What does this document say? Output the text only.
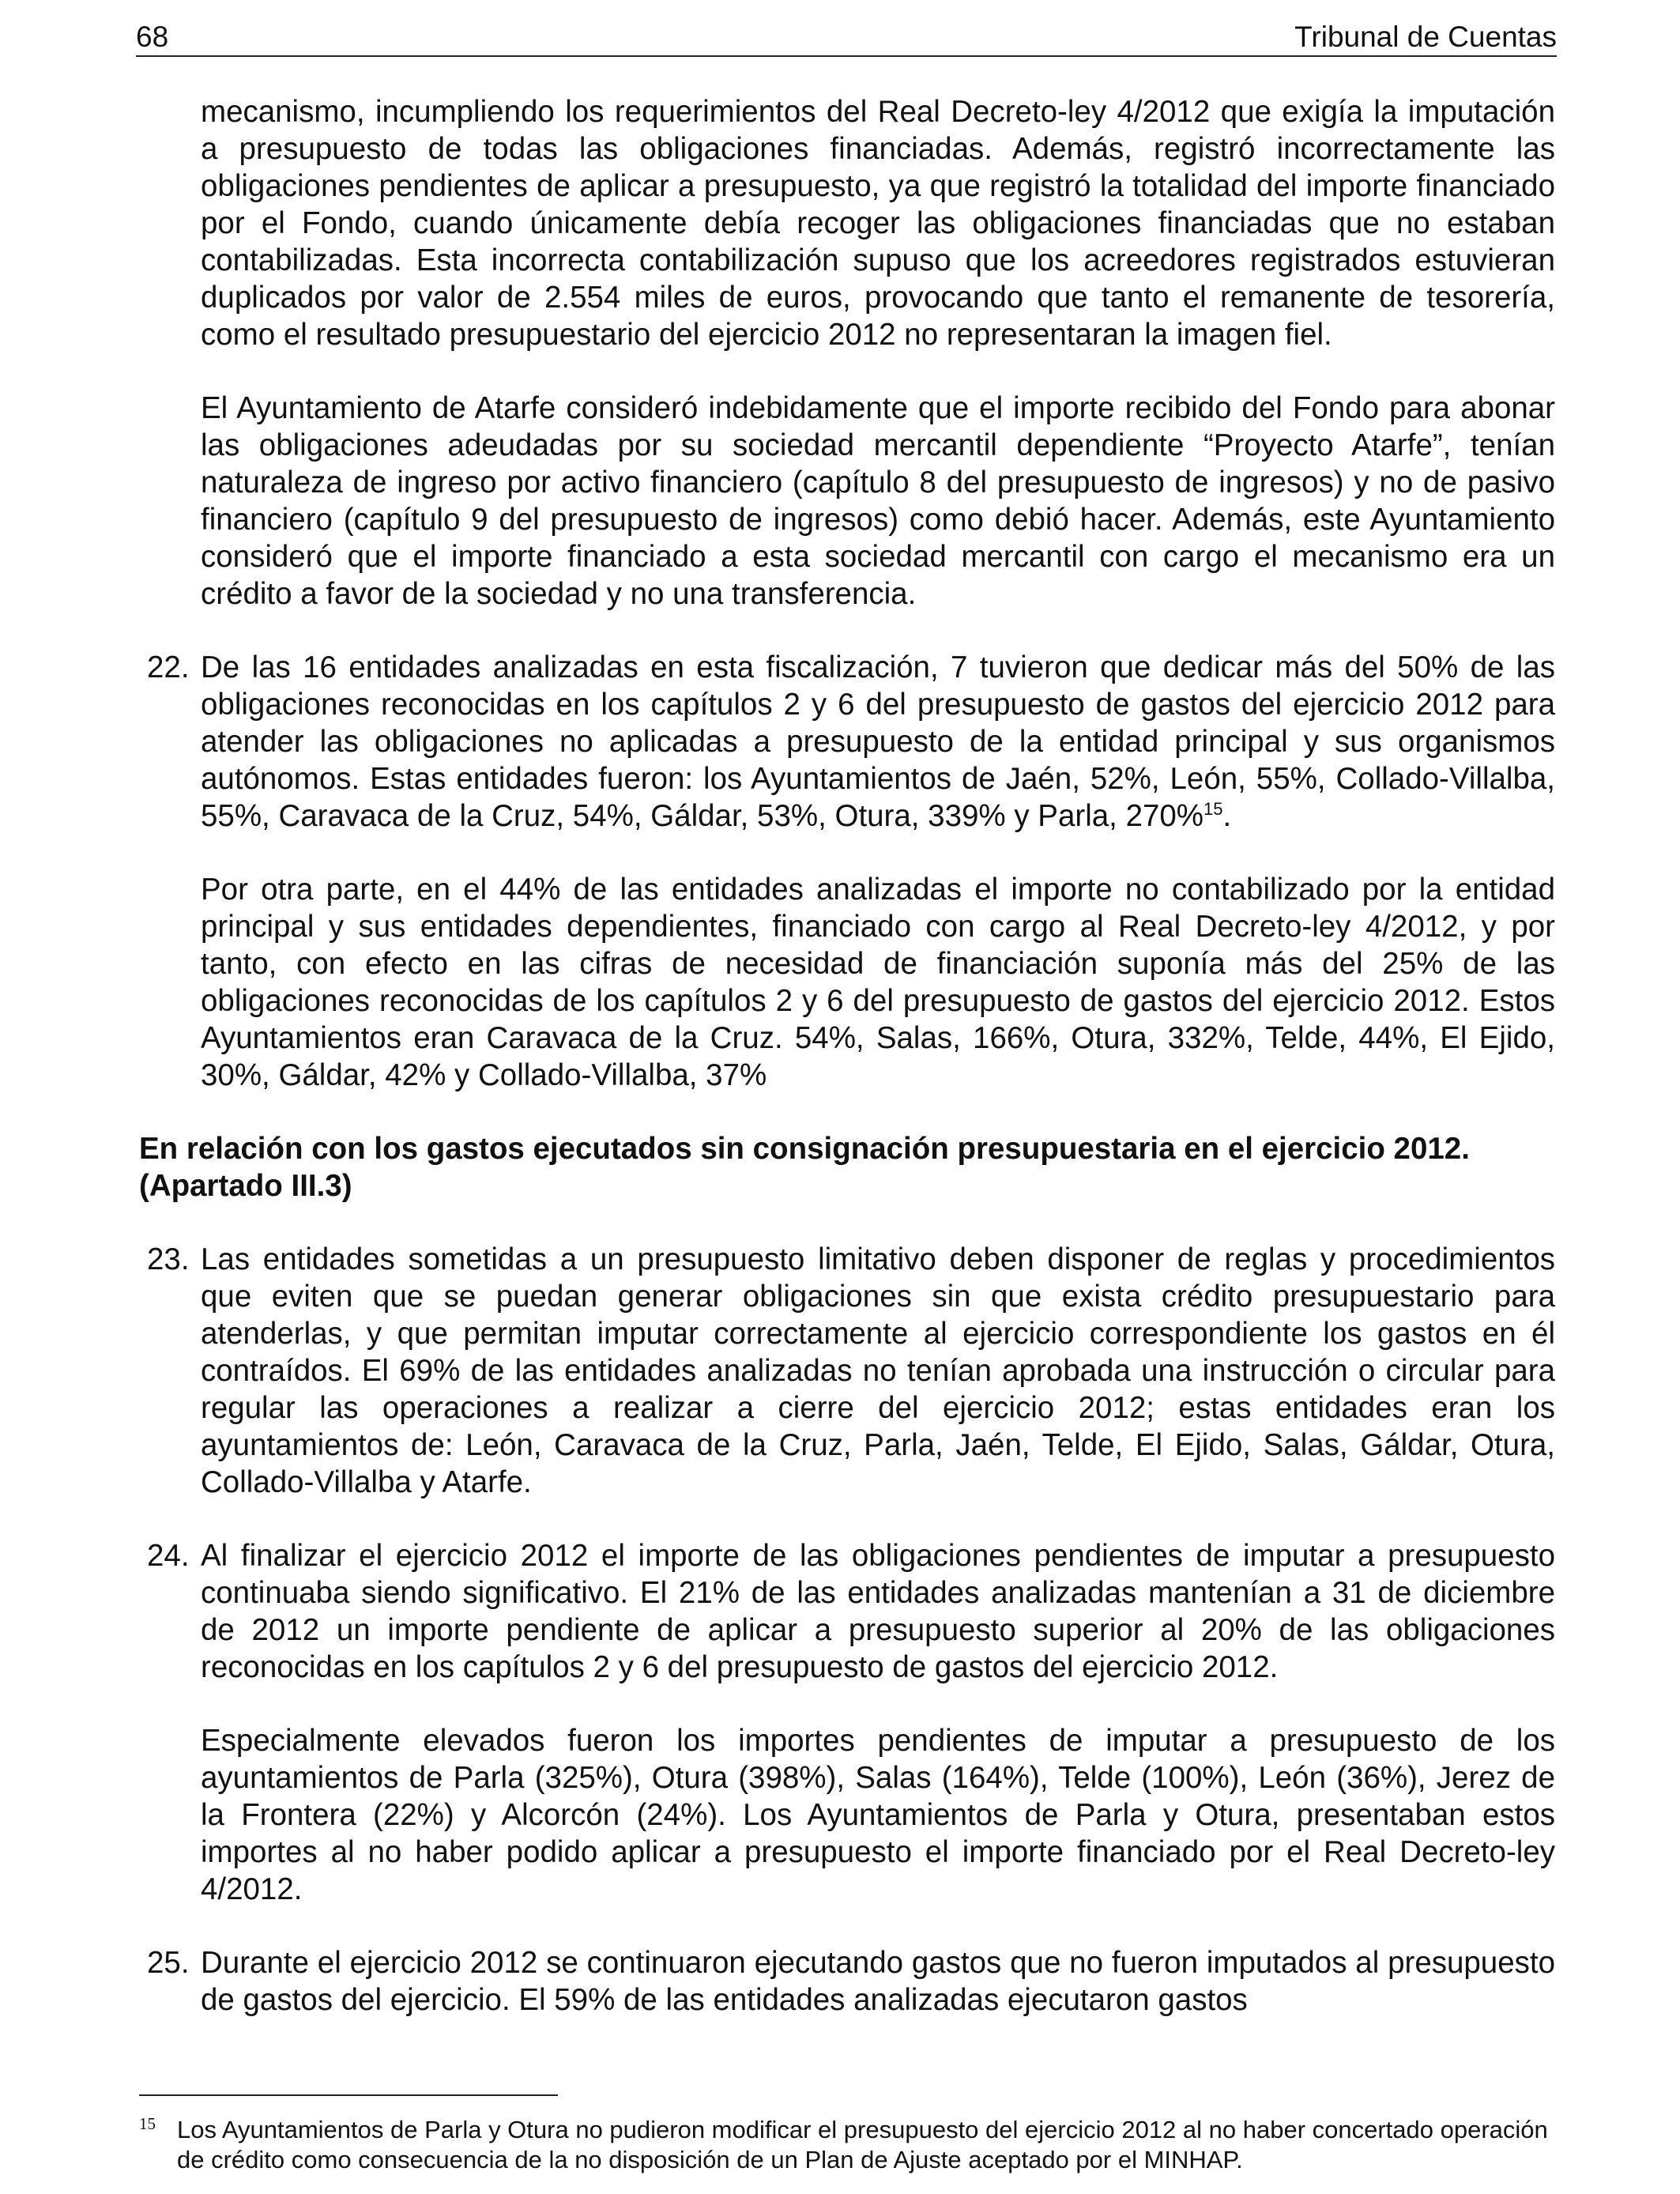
68	Tribunal de Cuentas

mecanismo, incumpliendo los requerimientos del Real Decreto-ley 4/2012 que exigía la imputación a presupuesto de todas las obligaciones financiadas. Además, registró incorrectamente las obligaciones pendientes de aplicar a presupuesto, ya que registró la totalidad del importe financiado por el Fondo, cuando únicamente debía recoger las obligaciones financiadas que no estaban contabilizadas. Esta incorrecta contabilización supuso que los acreedores registrados estuvieran duplicados por valor de 2.554 miles de euros, provocando que tanto el remanente de tesorería, como el resultado presupuestario del ejercicio 2012 no representaran la imagen fiel.

El Ayuntamiento de Atarfe consideró indebidamente que el importe recibido del Fondo para abonar las obligaciones adeudadas por su sociedad mercantil dependiente “Proyecto Atarfe”, tenían naturaleza de ingreso por activo financiero (capítulo 8 del presupuesto de ingresos) y no de pasivo financiero (capítulo 9 del presupuesto de ingresos) como debió hacer. Además, este Ayuntamiento consideró que el importe financiado a esta sociedad mercantil con cargo el mecanismo era un crédito a favor de la sociedad y no una transferencia.

22. De las 16 entidades analizadas en esta fiscalización, 7 tuvieron que dedicar más del 50% de las obligaciones reconocidas en los capítulos 2 y 6 del presupuesto de gastos del ejercicio 2012 para atender las obligaciones no aplicadas a presupuesto de la entidad principal y sus organismos autónomos. Estas entidades fueron: los Ayuntamientos de Jaén, 52%, León, 55%, Collado-Villalba, 55%, Caravaca de la Cruz, 54%, Gáldar, 53%, Otura, 339% y Parla, 270%$^{15}$.

Por otra parte, en el 44% de las entidades analizadas el importe no contabilizado por la entidad principal y sus entidades dependientes, financiado con cargo al Real Decreto-ley 4/2012, y por tanto, con efecto en las cifras de necesidad de financiación suponía más del 25% de las obligaciones reconocidas de los capítulos 2 y 6 del presupuesto de gastos del ejercicio 2012. Estos Ayuntamientos eran Caravaca de la Cruz. 54%, Salas, 166%, Otura, 332%, Telde, 44%, El Ejido, 30%, Gáldar, 42% y Collado-Villalba, 37%

En relación con los gastos ejecutados sin consignación presupuestaria en el ejercicio 2012. (Apartado III.3)

23. Las entidades sometidas a un presupuesto limitativo deben disponer de reglas y procedimientos que eviten que se puedan generar obligaciones sin que exista crédito presupuestario para atenderlas, y que permitan imputar correctamente al ejercicio correspondiente los gastos en él contraídos. El 69% de las entidades analizadas no tenían aprobada una instrucción o circular para regular las operaciones a realizar a cierre del ejercicio 2012; estas entidades eran los ayuntamientos de: León, Caravaca de la Cruz, Parla, Jaén, Telde, El Ejido, Salas, Gáldar, Otura, Collado-Villalba y Atarfe.
24. Al finalizar el ejercicio 2012 el importe de las obligaciones pendientes de imputar a presupuesto continuaba siendo significativo. El 21% de las entidades analizadas mantenían a 31 de diciembre de 2012 un importe pendiente de aplicar a presupuesto superior al 20% de las obligaciones reconocidas en los capítulos 2 y 6 del presupuesto de gastos del ejercicio 2012.

Especialmente elevados fueron los importes pendientes de imputar a presupuesto de los ayuntamientos de Parla (325%), Otura (398%), Salas (164%), Telde (100%), León (36%), Jerez de la Frontera (22%) y Alcorcón (24%). Los Ayuntamientos de Parla y Otura, presentaban estos importes al no haber podido aplicar a presupuesto el importe financiado por el Real Decreto-ley 4/2012.

25. Durante el ejercicio 2012 se continuaron ejecutando gastos que no fueron imputados al presupuesto de gastos del ejercicio. El 59% de las entidades analizadas ejecutaron gastos
15 Los Ayuntamientos de Parla y Otura no pudieron modificar el presupuesto del ejercicio 2012 al no haber concertado operación de crédito como consecuencia de la no disposición de un Plan de Ajuste aceptado por el MINHAP.
